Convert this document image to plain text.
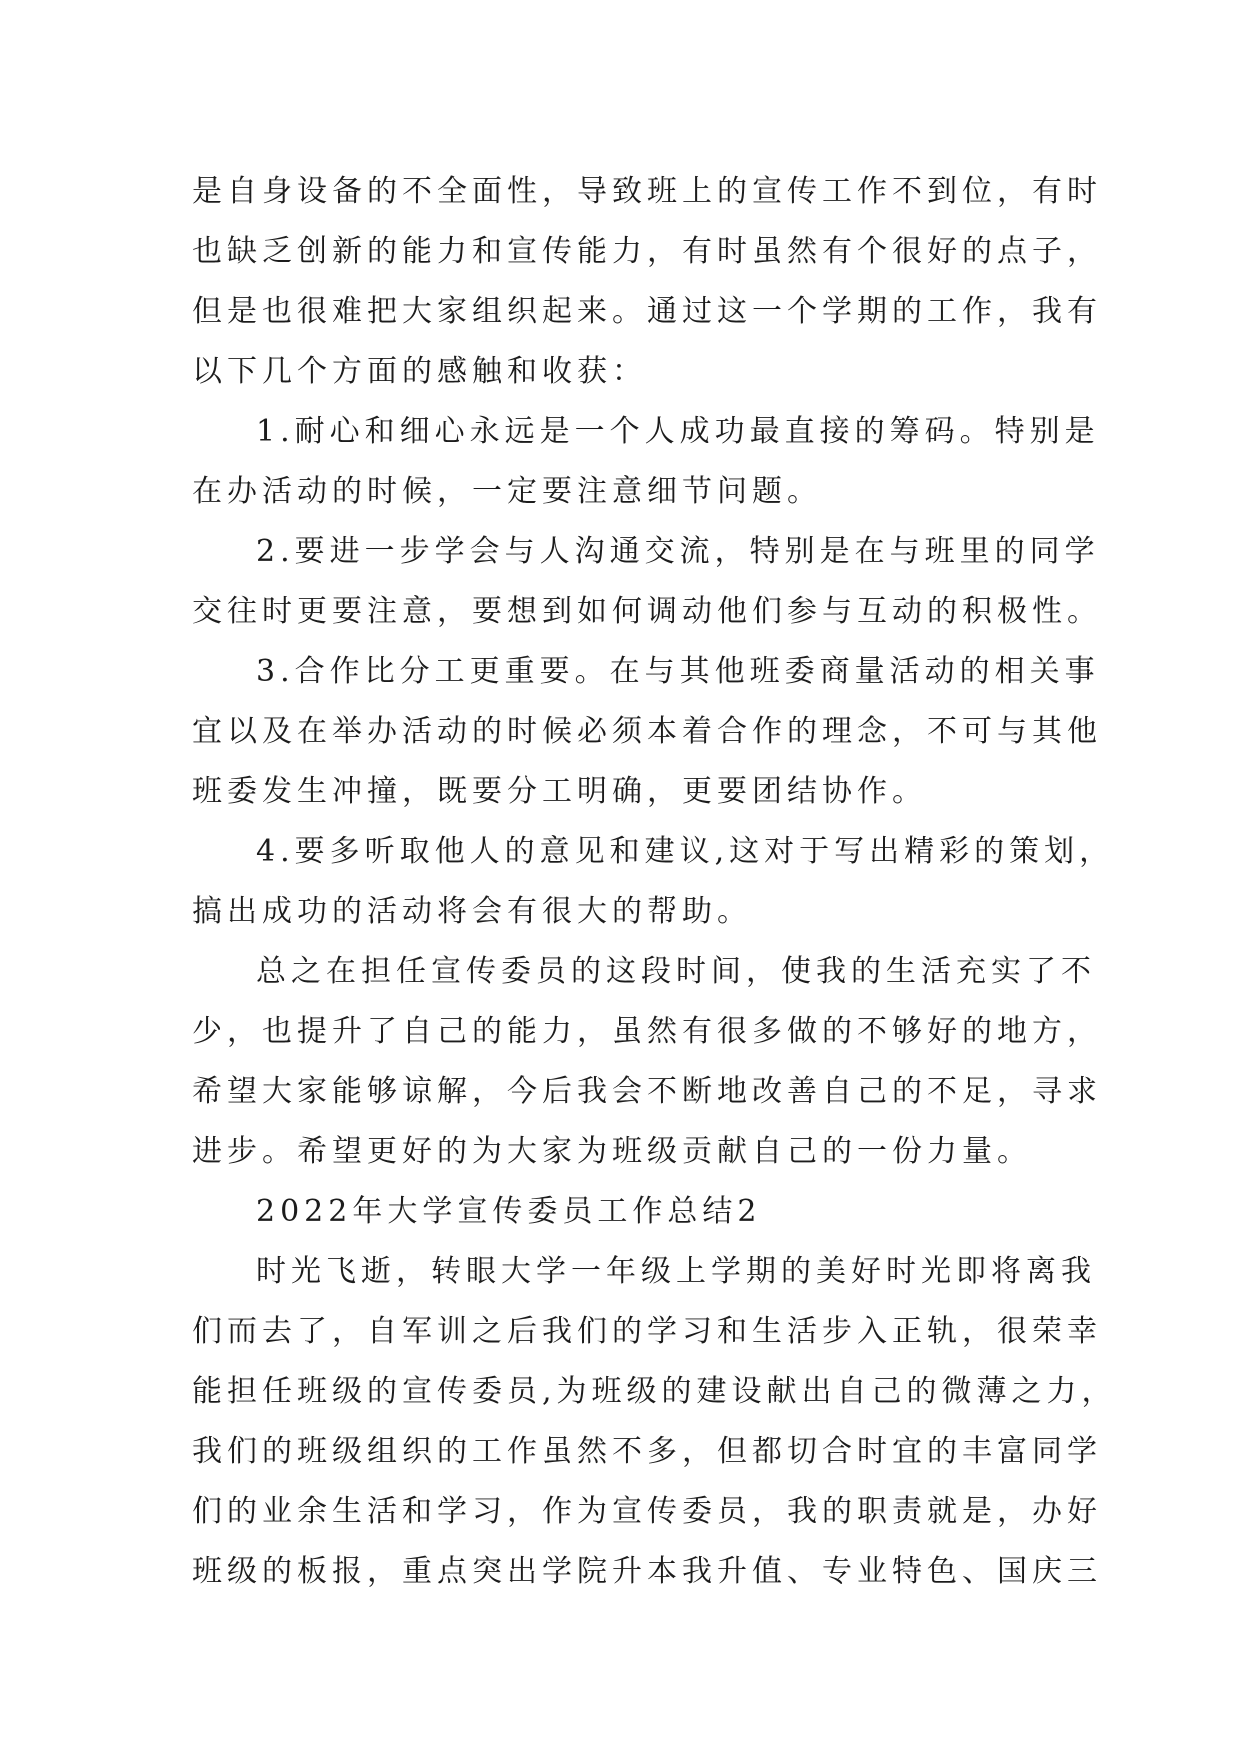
是自身设备的不全面性，导致班上的宣传工作不到位，有时
也缺乏创新的能力和宣传能力，有时虽然有个很好的点子，
但是也很难把大家组织起来。通过这一个学期的工作，我有
以下几个方面的感触和收获：
1.耐心和细心永远是一个人成功最直接的筹码。特别是
在办活动的时候，一定要注意细节问题。
2.要进一步学会与人沟通交流，特别是在与班里的同学
交往时更要注意，要想到如何调动他们参与互动的积极性。
3.合作比分工更重要。在与其他班委商量活动的相关事
宜以及在举办活动的时候必须本着合作的理念，不可与其他
班委发生冲撞，既要分工明确，更要团结协作。
4.要多听取他人的意见和建议,这对于写出精彩的策划，
搞出成功的活动将会有很大的帮助。
总之在担任宣传委员的这段时间，使我的生活充实了不
少，也提升了自己的能力，虽然有很多做的不够好的地方，
希望大家能够谅解，今后我会不断地改善自己的不足，寻求
进步。希望更好的为大家为班级贡献自己的一份力量。
2022年大学宣传委员工作总结2
时光飞逝，转眼大学一年级上学期的美好时光即将离我
们而去了，自军训之后我们的学习和生活步入正轨，很荣幸
能担任班级的宣传委员,为班级的建设献出自己的微薄之力，
我们的班级组织的工作虽然不多，但都切合时宜的丰富同学
们的业余生活和学习，作为宣传委员，我的职责就是，办好
班级的板报，重点突出学院升本我升值、专业特色、国庆三
